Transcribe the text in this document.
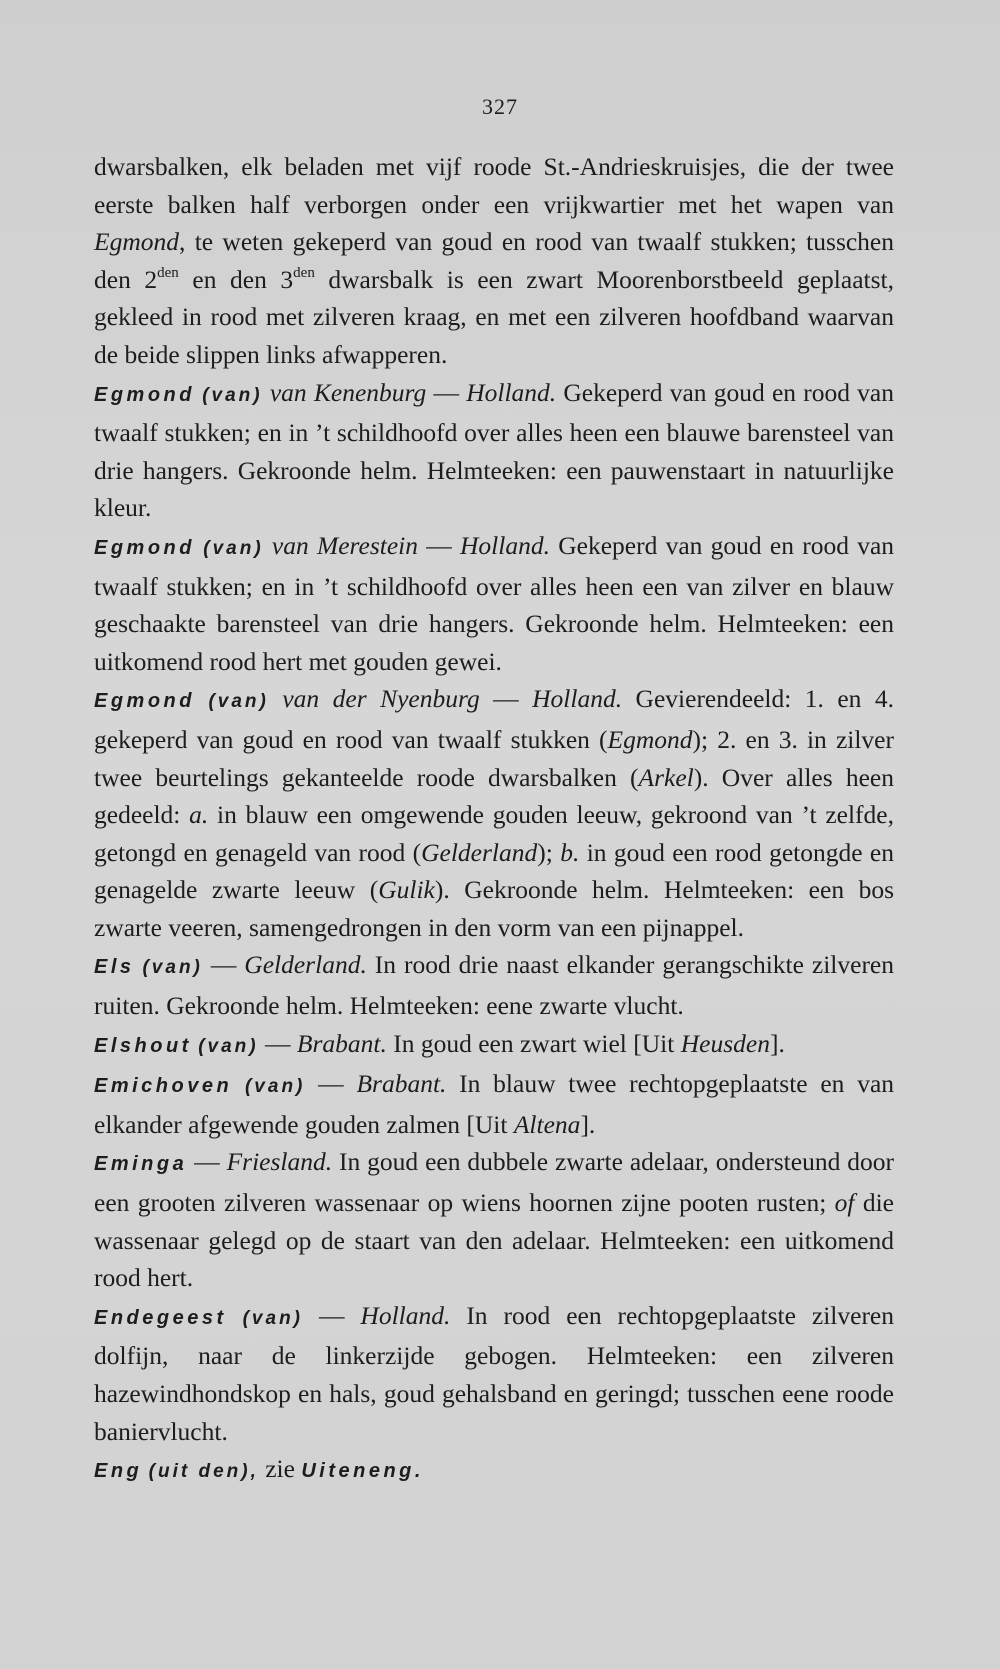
327

dwarsbalken, elk beladen met vijf roode St.-Andrieskruisjes, die der twee eerste balken half verborgen onder een vrijkwartier met het wapen van Egmond, te weten gekeperd van goud en rood van twaalf stukken; tusschen den $2^{den}$ en den $3^{den}$ dwarsbalk is een zwart Moorenborstbeeld geplaatst, gekleed in rood met zilveren kraag, en met een zilveren hoofdband waarvan de beide slippen links afwapperen.

Egmond (van) van Kenenburg — Holland. Gekeperd van goud en rood van twaalf stukken; en in ’t schildhoofd over alles heen een blauwe barensteel van drie hangers. Gekroonde helm. Helmteeken: een pauwenstaart in natuurlijke kleur.

Egmond (van) van Merestein — Holland. Gekeperd van goud en rood van twaalf stukken; en in ’t schildhoofd over alles heen een van zilver en blauw geschaakte barensteel van drie hangers. Gekroonde helm. Helmteeken: een uitkomend rood hert met gouden gewei.

Egmond (van) van der Nyenburg — Holland. Gevierendeeld: 1. en 4. gekeperd van goud en rood van twaalf stukken (Egmond); 2. en 3. in zilver twee beurtelings gekanteelde roode dwarsbalken (Arkel). Over alles heen gedeeld: a. in blauw een omgewende gouden leeuw, gekroond van ’t zelfde, getongd en genageld van rood (Gelderland); b. in goud een rood getongde en genagelde zwarte leeuw (Gulik). Gekroonde helm. Helmteeken: een bos zwarte veeren, samengedrongen in den vorm van een pijnappel.

Els (van) — Gelderland. In rood drie naast elkander gerangschikte zilveren ruiten. Gekroonde helm. Helmteeken: eene zwarte vlucht.

Elshout (van) — Brabant. In goud een zwart wiel [Uit Heusden].

Emichoven (van) — Brabant. In blauw twee rechtopgeplaatste en van elkander afgewende gouden zalmen [Uit Altena].

Eminga — Friesland. In goud een dubbele zwarte adelaar, ondersteund door een grooten zilveren wassenaar op wiens hoornen zijne pooten rusten; of die wassenaar gelegd op de staart van den adelaar. Helmteeken: een uitkomend rood hert.

Endegeest (van) — Holland. In rood een rechtopgeplaatste zilveren dolfijn, naar de linkerzijde gebogen. Helmteeken: een zilveren hazewindhondskop en hals, goud gehalsband en geringd; tusschen eene roode baniervlucht.

Eng (uit den), zie Uiteneng.
